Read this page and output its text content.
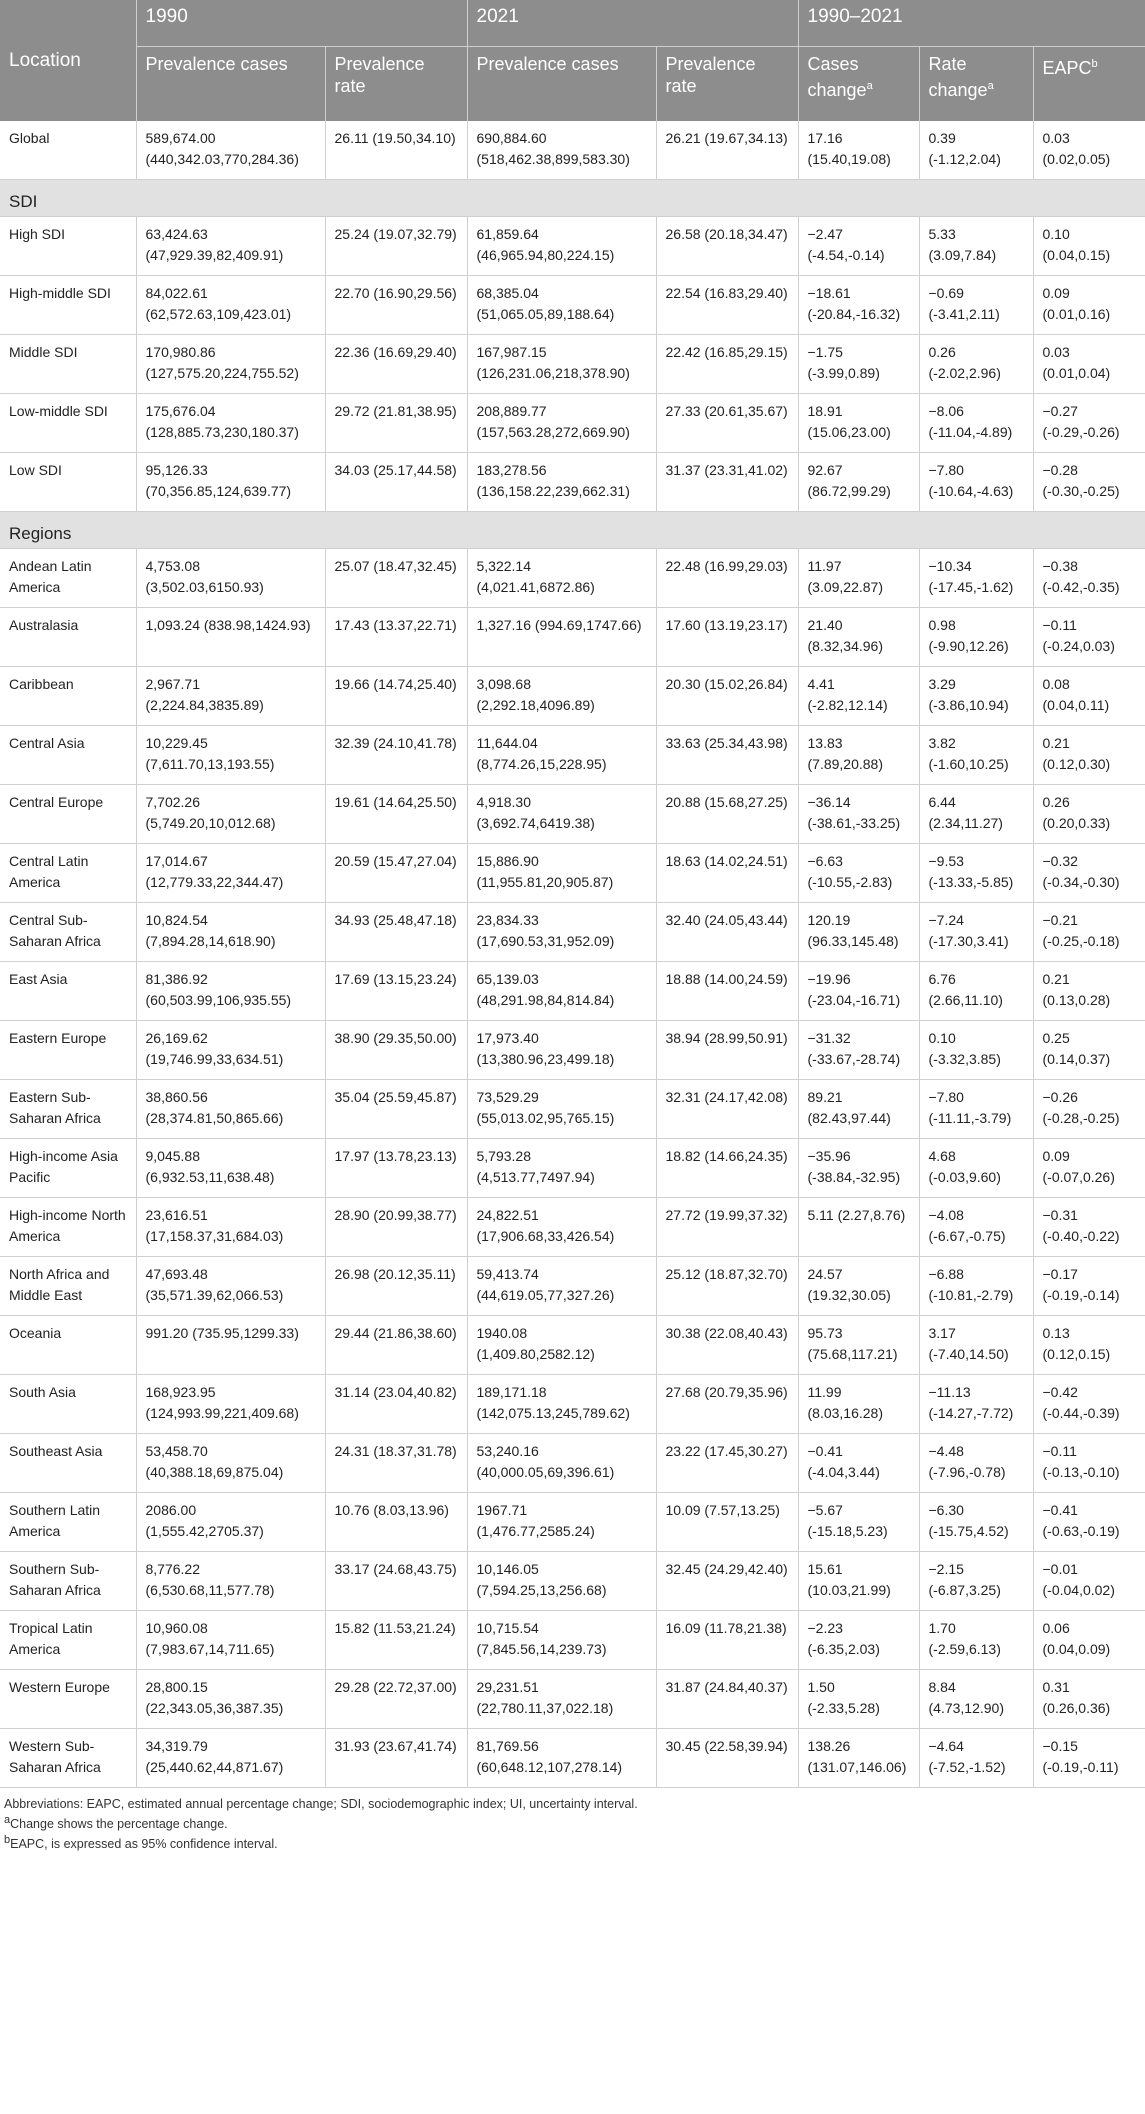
Location	1990		2021		1990–2021		
	Prevalence cases	Prevalence rate	Prevalence cases	Prevalence rate	Cases change$^a$	Rate change$^a$	EAPC$^b$
Global	589,674.00 (440,342.03,770,284.36)	26.11 (19.50,34.10)	690,884.60 (518,462.38,899,583.30)	26.21 (19.67,34.13)	17.16 (15.40,19.08)	0.39 (-1.12,2.04)	0.03 (0.02,0.05)
SDI							
High SDI	63,424.63 (47,929.39,82,409.91)	25.24 (19.07,32.79)	61,859.64 (46,965.94,80,224.15)	26.58 (20.18,34.47)	−2.47 (-4.54,-0.14)	5.33 (3.09,7.84)	0.10 (0.04,0.15)
High-middle SDI	84,022.61 (62,572.63,109,423.01)	22.70 (16.90,29.56)	68,385.04 (51,065.05,89,188.64)	22.54 (16.83,29.40)	−18.61 (-20.84,-16.32)	−0.69 (-3.41,2.11)	0.09 (0.01,0.16)
Middle SDI	170,980.86 (127,575.20,224,755.52)	22.36 (16.69,29.40)	167,987.15 (126,231.06,218,378.90)	22.42 (16.85,29.15)	−1.75 (-3.99,0.89)	0.26 (-2.02,2.96)	0.03 (0.01,0.04)
Low-middle SDI	175,676.04 (128,885.73,230,180.37)	29.72 (21.81,38.95)	208,889.77 (157,563.28,272,669.90)	27.33 (20.61,35.67)	18.91 (15.06,23.00)	−8.06 (-11.04,-4.89)	−0.27 (-0.29,-0.26)
Low SDI	95,126.33 (70,356.85,124,639.77)	34.03 (25.17,44.58)	183,278.56 (136,158.22,239,662.31)	31.37 (23.31,41.02)	92.67 (86.72,99.29)	−7.80 (-10.64,-4.63)	−0.28 (-0.30,-0.25)
Regions							
Andean Latin America	4,753.08 (3,502.03,6150.93)	25.07 (18.47,32.45)	5,322.14 (4,021.41,6872.86)	22.48 (16.99,29.03)	11.97 (3.09,22.87)	−10.34 (-17.45,-1.62)	−0.38 (-0.42,-0.35)
Australasia	1,093.24 (838.98,1424.93)	17.43 (13.37,22.71)	1,327.16 (994.69,1747.66)	17.60 (13.19,23.17)	21.40 (8.32,34.96)	0.98 (-9.90,12.26)	−0.11 (-0.24,0.03)
Caribbean	2,967.71 (2,224.84,3835.89)	19.66 (14.74,25.40)	3,098.68 (2,292.18,4096.89)	20.30 (15.02,26.84)	4.41 (-2.82,12.14)	3.29 (-3.86,10.94)	0.08 (0.04,0.11)
Central Asia	10,229.45 (7,611.70,13,193.55)	32.39 (24.10,41.78)	11,644.04 (8,774.26,15,228.95)	33.63 (25.34,43.98)	13.83 (7.89,20.88)	3.82 (-1.60,10.25)	0.21 (0.12,0.30)
Central Europe	7,702.26 (5,749.20,10,012.68)	19.61 (14.64,25.50)	4,918.30 (3,692.74,6419.38)	20.88 (15.68,27.25)	−36.14 (-38.61,-33.25)	6.44 (2.34,11.27)	0.26 (0.20,0.33)
Central Latin America	17,014.67 (12,779.33,22,344.47)	20.59 (15.47,27.04)	15,886.90 (11,955.81,20,905.87)	18.63 (14.02,24.51)	−6.63 (-10.55,-2.83)	−9.53 (-13.33,-5.85)	−0.32 (-0.34,-0.30)
Central Sub-Saharan Africa	10,824.54 (7,894.28,14,618.90)	34.93 (25.48,47.18)	23,834.33 (17,690.53,31,952.09)	32.40 (24.05,43.44)	120.19 (96.33,145.48)	−7.24 (-17.30,3.41)	−0.21 (-0.25,-0.18)
East Asia	81,386.92 (60,503.99,106,935.55)	17.69 (13.15,23.24)	65,139.03 (48,291.98,84,814.84)	18.88 (14.00,24.59)	−19.96 (-23.04,-16.71)	6.76 (2.66,11.10)	0.21 (0.13,0.28)
Eastern Europe	26,169.62 (19,746.99,33,634.51)	38.90 (29.35,50.00)	17,973.40 (13,380.96,23,499.18)	38.94 (28.99,50.91)	−31.32 (-33.67,-28.74)	0.10 (-3.32,3.85)	0.25 (0.14,0.37)
Eastern Sub-Saharan Africa	38,860.56 (28,374.81,50,865.66)	35.04 (25.59,45.87)	73,529.29 (55,013.02,95,765.15)	32.31 (24.17,42.08)	89.21 (82.43,97.44)	−7.80 (-11.11,-3.79)	−0.26 (-0.28,-0.25)
High-income Asia Pacific	9,045.88 (6,932.53,11,638.48)	17.97 (13.78,23.13)	5,793.28 (4,513.77,7497.94)	18.82 (14.66,24.35)	−35.96 (-38.84,-32.95)	4.68 (-0.03,9.60)	0.09 (-0.07,0.26)
High-income North America	23,616.51 (17,158.37,31,684.03)	28.90 (20.99,38.77)	24,822.51 (17,906.68,33,426.54)	27.72 (19.99,37.32)	5.11 (2.27,8.76)	−4.08 (-6.67,-0.75)	−0.31 (-0.40,-0.22)
North Africa and Middle East	47,693.48 (35,571.39,62,066.53)	26.98 (20.12,35.11)	59,413.74 (44,619.05,77,327.26)	25.12 (18.87,32.70)	24.57 (19.32,30.05)	−6.88 (-10.81,-2.79)	−0.17 (-0.19,-0.14)
Oceania	991.20 (735.95,1299.33)	29.44 (21.86,38.60)	1940.08 (1,409.80,2582.12)	30.38 (22.08,40.43)	95.73 (75.68,117.21)	3.17 (-7.40,14.50)	0.13 (0.12,0.15)
South Asia	168,923.95 (124,993.99,221,409.68)	31.14 (23.04,40.82)	189,171.18 (142,075.13,245,789.62)	27.68 (20.79,35.96)	11.99 (8.03,16.28)	−11.13 (-14.27,-7.72)	−0.42 (-0.44,-0.39)
Southeast Asia	53,458.70 (40,388.18,69,875.04)	24.31 (18.37,31.78)	53,240.16 (40,000.05,69,396.61)	23.22 (17.45,30.27)	−0.41 (-4.04,3.44)	−4.48 (-7.96,-0.78)	−0.11 (-0.13,-0.10)
Southern Latin America	2086.00 (1,555.42,2705.37)	10.76 (8.03,13.96)	1967.71 (1,476.77,2585.24)	10.09 (7.57,13.25)	−5.67 (-15.18,5.23)	−6.30 (-15.75,4.52)	−0.41 (-0.63,-0.19)
Southern Sub-Saharan Africa	8,776.22 (6,530.68,11,577.78)	33.17 (24.68,43.75)	10,146.05 (7,594.25,13,256.68)	32.45 (24.29,42.40)	15.61 (10.03,21.99)	−2.15 (-6.87,3.25)	−0.01 (-0.04,0.02)
Tropical Latin America	10,960.08 (7,983.67,14,711.65)	15.82 (11.53,21.24)	10,715.54 (7,845.56,14,239.73)	16.09 (11.78,21.38)	−2.23 (-6.35,2.03)	1.70 (-2.59,6.13)	0.06 (0.04,0.09)
Western Europe	28,800.15 (22,343.05,36,387.35)	29.28 (22.72,37.00)	29,231.51 (22,780.11,37,022.18)	31.87 (24.84,40.37)	1.50 (-2.33,5.28)	8.84 (4.73,12.90)	0.31 (0.26,0.36)
Western Sub-Saharan Africa	34,319.79 (25,440.62,44,871.67)	31.93 (23.67,41.74)	81,769.56 (60,648.12,107,278.14)	30.45 (22.58,39.94)	138.26 (131.07,146.06)	−4.64 (-7.52,-1.52)	−0.15 (-0.19,-0.11)
Abbreviations: EAPC, estimated annual percentage change; SDI, sociodemographic index; UI, uncertainty interval.
$^a$Change shows the percentage change.
$^b$EAPC, is expressed as 95% confidence interval.
